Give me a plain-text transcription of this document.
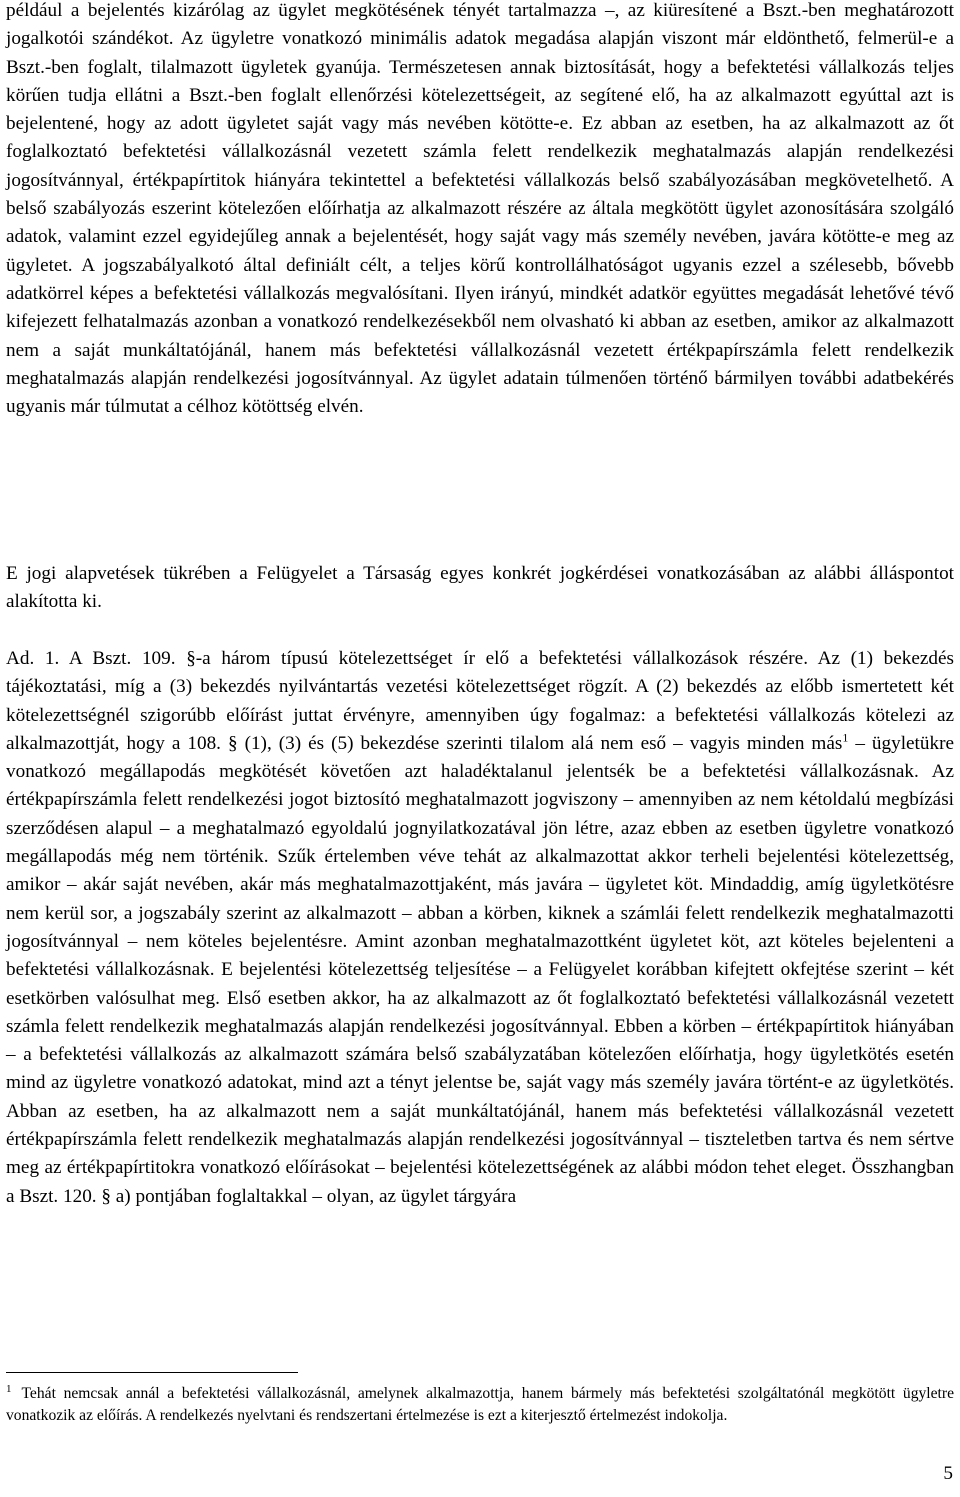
például a bejelentés kizárólag az ügylet megkötésének tényét tartalmazza –, az kiüresítené a Bszt.-ben meghatározott jogalkotói szándékot. Az ügyletre vonatkozó minimális adatok megadása alapján viszont már eldönthető, felmerül-e a Bszt.-ben foglalt, tilalmazott ügyletek gyanúja. Természetesen annak biztosítását, hogy a befektetési vállalkozás teljes körűen tudja ellátni a Bszt.-ben foglalt ellenőrzési kötelezettségeit, az segítené elő, ha az alkalmazott egyúttal azt is bejelentené, hogy az adott ügyletet saját vagy más nevében kötötte-e. Ez abban az esetben, ha az alkalmazott az őt foglalkoztató befektetési vállalkozásnál vezetett számla felett rendelkezik meghatalmazás alapján rendelkezési jogosítvánnyal, értékpapírtitok hiányára tekintettel a befektetési vállalkozás belső szabályozásában megkövetelhető. A belső szabályozás eszerint kötelezően előírhatja az alkalmazott részére az általa megkötött ügylet azonosítására szolgáló adatok, valamint ezzel egyidejűleg annak a bejelentését, hogy saját vagy más személy nevében, javára kötötte-e meg az ügyletet. A jogszabályalkotó által definiált célt, a teljes körű kontrollálhatóságot ugyanis ezzel a szélesebb, bővebb adatkörrel képes a befektetési vállalkozás megvalósítani. Ilyen irányú, mindkét adatkör együttes megadását lehetővé tévő kifejezett felhatalmazás azonban a vonatkozó rendelkezésekből nem olvasható ki abban az esetben, amikor az alkalmazott nem a saját munkáltatójánál, hanem más befektetési vállalkozásnál vezetett értékpapírszámla felett rendelkezik meghatalmazás alapján rendelkezési jogosítvánnyal. Az ügylet adatain túlmenően történő bármilyen további adatbekérés ugyanis már túlmutat a célhoz kötöttség elvén.

E jogi alapvetések tükrében a Felügyelet a Társaság egyes konkrét jogkérdései vonatkozásában az alábbi álláspontot alakította ki.

Ad. 1. A Bszt. 109. §-a három típusú kötelezettséget ír elő a befektetési vállalkozások részére. Az (1) bekezdés tájékoztatási, míg a (3) bekezdés nyilvántartás vezetési kötelezettséget rögzít. A (2) bekezdés az előbb ismertetett két kötelezettségnél szigorúbb előírást juttat érvényre, amennyiben úgy fogalmaz: a befektetési vállalkozás kötelezi az alkalmazottját, hogy a 108. § (1), (3) és (5) bekezdése szerinti tilalom alá nem eső – vagyis minden más$^1$ – ügyletükre vonatkozó megállapodás megkötését követően azt haladéktalanul jelentsék be a befektetési vállalkozásnak. Az értékpapírszámla felett rendelkezési jogot biztosító meghatalmazott jogviszony – amennyiben az nem kétoldalú megbízási szerződésen alapul – a meghatalmazó egyoldalú jognyilatkozatával jön létre, azaz ebben az esetben ügyletre vonatkozó megállapodás még nem történik. Szűk értelemben véve tehát az alkalmazottat akkor terheli bejelentési kötelezettség, amikor – akár saját nevében, akár más meghatalmazottjaként, más javára – ügyletet köt. Mindaddig, amíg ügyletkötésre nem kerül sor, a jogszabály szerint az alkalmazott – abban a körben, kiknek a számlái felett rendelkezik meghatalmazotti jogosítvánnyal – nem köteles bejelentésre. Amint azonban meghatalmazottként ügyletet köt, azt köteles bejelenteni a befektetési vállalkozásnak. E bejelentési kötelezettség teljesítése – a Felügyelet korábban kifejtett okfejtése szerint – két esetkörben valósulhat meg. Első esetben akkor, ha az alkalmazott az őt foglalkoztató befektetési vállalkozásnál vezetett számla felett rendelkezik meghatalmazás alapján rendelkezési jogosítvánnyal. Ebben a körben – értékpapírtitok hiányában – a befektetési vállalkozás az alkalmazott számára belső szabályzatában kötelezően előírhatja, hogy ügyletkötés esetén mind az ügyletre vonatkozó adatokat, mind azt a tényt jelentse be, saját vagy más személy javára történt-e az ügyletkötés. Abban az esetben, ha az alkalmazott nem a saját munkáltatójánál, hanem más befektetési vállalkozásnál vezetett értékpapírszámla felett rendelkezik meghatalmazás alapján rendelkezési jogosítvánnyal – tiszteletben tartva és nem sértve meg az értékpapírtitokra vonatkozó előírásokat – bejelentési kötelezettségének az alábbi módon tehet eleget. Összhangban a Bszt. 120. § a) pontjában foglaltakkal – olyan, az ügylet tárgyára

$^1$ Tehát nemcsak annál a befektetési vállalkozásnál, amelynek alkalmazottja, hanem bármely más befektetési szolgáltatónál megkötött ügyletre vonatkozik az előírás. A rendelkezés nyelvtani és rendszertani értelmezése is ezt a kiterjesztő értelmezést indokolja.

5
